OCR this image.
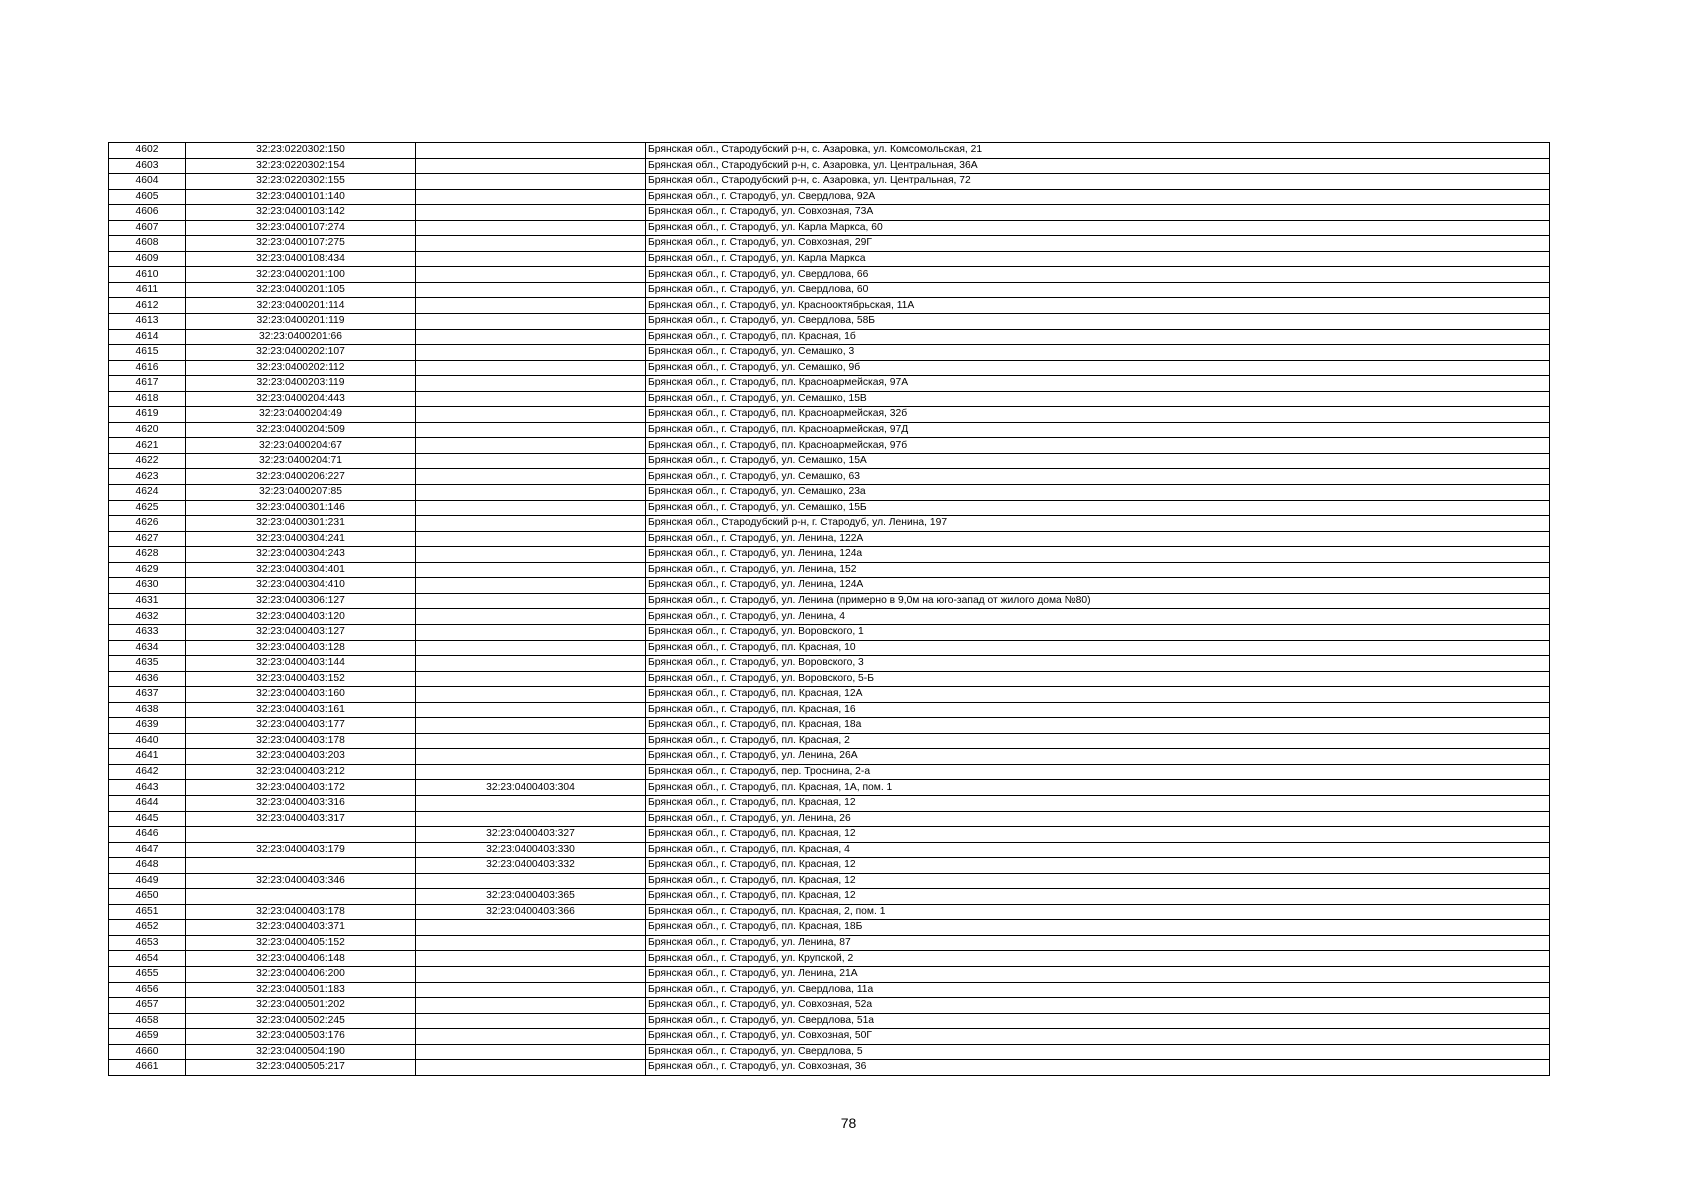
4602	32:23:0220302:150		Брянская обл., Стародубский р-н, с. Азаровка, ул. Комсомольская, 21
4603	32:23:0220302:154		Брянская обл., Стародубский р-н, с. Азаровка, ул. Центральная, 36А
4604	32:23:0220302:155		Брянская обл., Стародубский р-н, с. Азаровка, ул. Центральная, 72
4605	32:23:0400101:140		Брянская обл., г. Стародуб, ул. Свердлова, 92А
4606	32:23:0400103:142		Брянская обл., г. Стародуб, ул. Совхозная, 73А
4607	32:23:0400107:274		Брянская обл., г. Стародуб, ул. Карла Маркса, 60
4608	32:23:0400107:275		Брянская обл., г. Стародуб, ул. Совхозная, 29Г
4609	32:23:0400108:434		Брянская обл., г. Стародуб, ул. Карла Маркса
4610	32:23:0400201:100		Брянская обл., г. Стародуб, ул. Свердлова, 66
4611	32:23:0400201:105		Брянская обл., г. Стародуб, ул. Свердлова, 60
4612	32:23:0400201:114		Брянская обл., г. Стародуб, ул. Краснооктябрьская, 11А
4613	32:23:0400201:119		Брянская обл., г. Стародуб, ул. Свердлова, 58Б
4614	32:23:0400201:66		Брянская обл., г. Стародуб, пл. Красная, 1б
4615	32:23:0400202:107		Брянская обл., г. Стародуб, ул. Семашко, 3
4616	32:23:0400202:112		Брянская обл., г. Стародуб, ул. Семашко, 9б
4617	32:23:0400203:119		Брянская обл., г. Стародуб, пл. Красноармейская, 97А
4618	32:23:0400204:443		Брянская обл., г. Стародуб, ул. Семашко, 15В
4619	32:23:0400204:49		Брянская обл., г. Стародуб, пл. Красноармейская, 32б
4620	32:23:0400204:509		Брянская обл., г. Стародуб, пл. Красноармейская, 97Д
4621	32:23:0400204:67		Брянская обл., г. Стародуб, пл. Красноармейская, 97б
4622	32:23:0400204:71		Брянская обл., г. Стародуб, ул. Семашко, 15А
4623	32:23:0400206:227		Брянская обл., г. Стародуб, ул. Семашко, 63
4624	32:23:0400207:85		Брянская обл., г. Стародуб, ул. Семашко, 23а
4625	32:23:0400301:146		Брянская обл., г. Стародуб, ул. Семашко, 15Б
4626	32:23:0400301:231		Брянская обл., Стародубский р-н, г. Стародуб, ул. Ленина, 197
4627	32:23:0400304:241		Брянская обл., г. Стародуб, ул. Ленина, 122А
4628	32:23:0400304:243		Брянская обл., г. Стародуб, ул. Ленина, 124а
4629	32:23:0400304:401		Брянская обл., г. Стародуб, ул. Ленина, 152
4630	32:23:0400304:410		Брянская обл., г. Стародуб, ул. Ленина, 124А
4631	32:23:0400306:127		Брянская обл., г. Стародуб, ул. Ленина (примерно в 9,0м на юго-запад от жилого дома №80)
4632	32:23:0400403:120		Брянская обл., г. Стародуб, ул. Ленина, 4
4633	32:23:0400403:127		Брянская обл., г. Стародуб, ул. Воровского, 1
4634	32:23:0400403:128		Брянская обл., г. Стародуб, пл. Красная, 10
4635	32:23:0400403:144		Брянская обл., г. Стародуб, ул. Воровского, 3
4636	32:23:0400403:152		Брянская обл., г. Стародуб, ул. Воровского, 5-Б
4637	32:23:0400403:160		Брянская обл., г. Стародуб, пл. Красная, 12А
4638	32:23:0400403:161		Брянская обл., г. Стародуб, пл. Красная, 16
4639	32:23:0400403:177		Брянская обл., г. Стародуб, пл. Красная, 18а
4640	32:23:0400403:178		Брянская обл., г. Стародуб, пл. Красная, 2
4641	32:23:0400403:203		Брянская обл., г. Стародуб, ул. Ленина, 26А
4642	32:23:0400403:212		Брянская обл., г. Стародуб, пер. Троснина, 2-а
4643	32:23:0400403:172	32:23:0400403:304	Брянская обл., г. Стародуб, пл. Красная, 1А, пом. 1
4644	32:23:0400403:316		Брянская обл., г. Стародуб, пл. Красная, 12
4645	32:23:0400403:317		Брянская обл., г. Стародуб, ул. Ленина, 26
4646		32:23:0400403:327	Брянская обл., г. Стародуб, пл. Красная, 12
4647	32:23:0400403:179	32:23:0400403:330	Брянская обл., г. Стародуб, пл. Красная, 4
4648		32:23:0400403:332	Брянская обл., г. Стародуб, пл. Красная, 12
4649	32:23:0400403:346		Брянская обл., г. Стародуб, пл. Красная, 12
4650		32:23:0400403:365	Брянская обл., г. Стародуб, пл. Красная, 12
4651	32:23:0400403:178	32:23:0400403:366	Брянская обл., г. Стародуб, пл. Красная, 2, пом. 1
4652	32:23:0400403:371		Брянская обл., г. Стародуб, пл. Красная, 18Б
4653	32:23:0400405:152		Брянская обл., г. Стародуб, ул. Ленина, 87
4654	32:23:0400406:148		Брянская обл., г. Стародуб, ул. Крупской, 2
4655	32:23:0400406:200		Брянская обл., г. Стародуб, ул. Ленина, 21А
4656	32:23:0400501:183		Брянская обл., г. Стародуб, ул. Свердлова, 11а
4657	32:23:0400501:202		Брянская обл., г. Стародуб, ул. Совхозная, 52а
4658	32:23:0400502:245		Брянская обл., г. Стародуб, ул. Свердлова, 51а
4659	32:23:0400503:176		Брянская обл., г. Стародуб, ул. Совхозная, 50Г
4660	32:23:0400504:190		Брянская обл., г. Стародуб, ул. Свердлова, 5
4661	32:23:0400505:217		Брянская обл., г. Стародуб, ул. Совхозная, 36
78
